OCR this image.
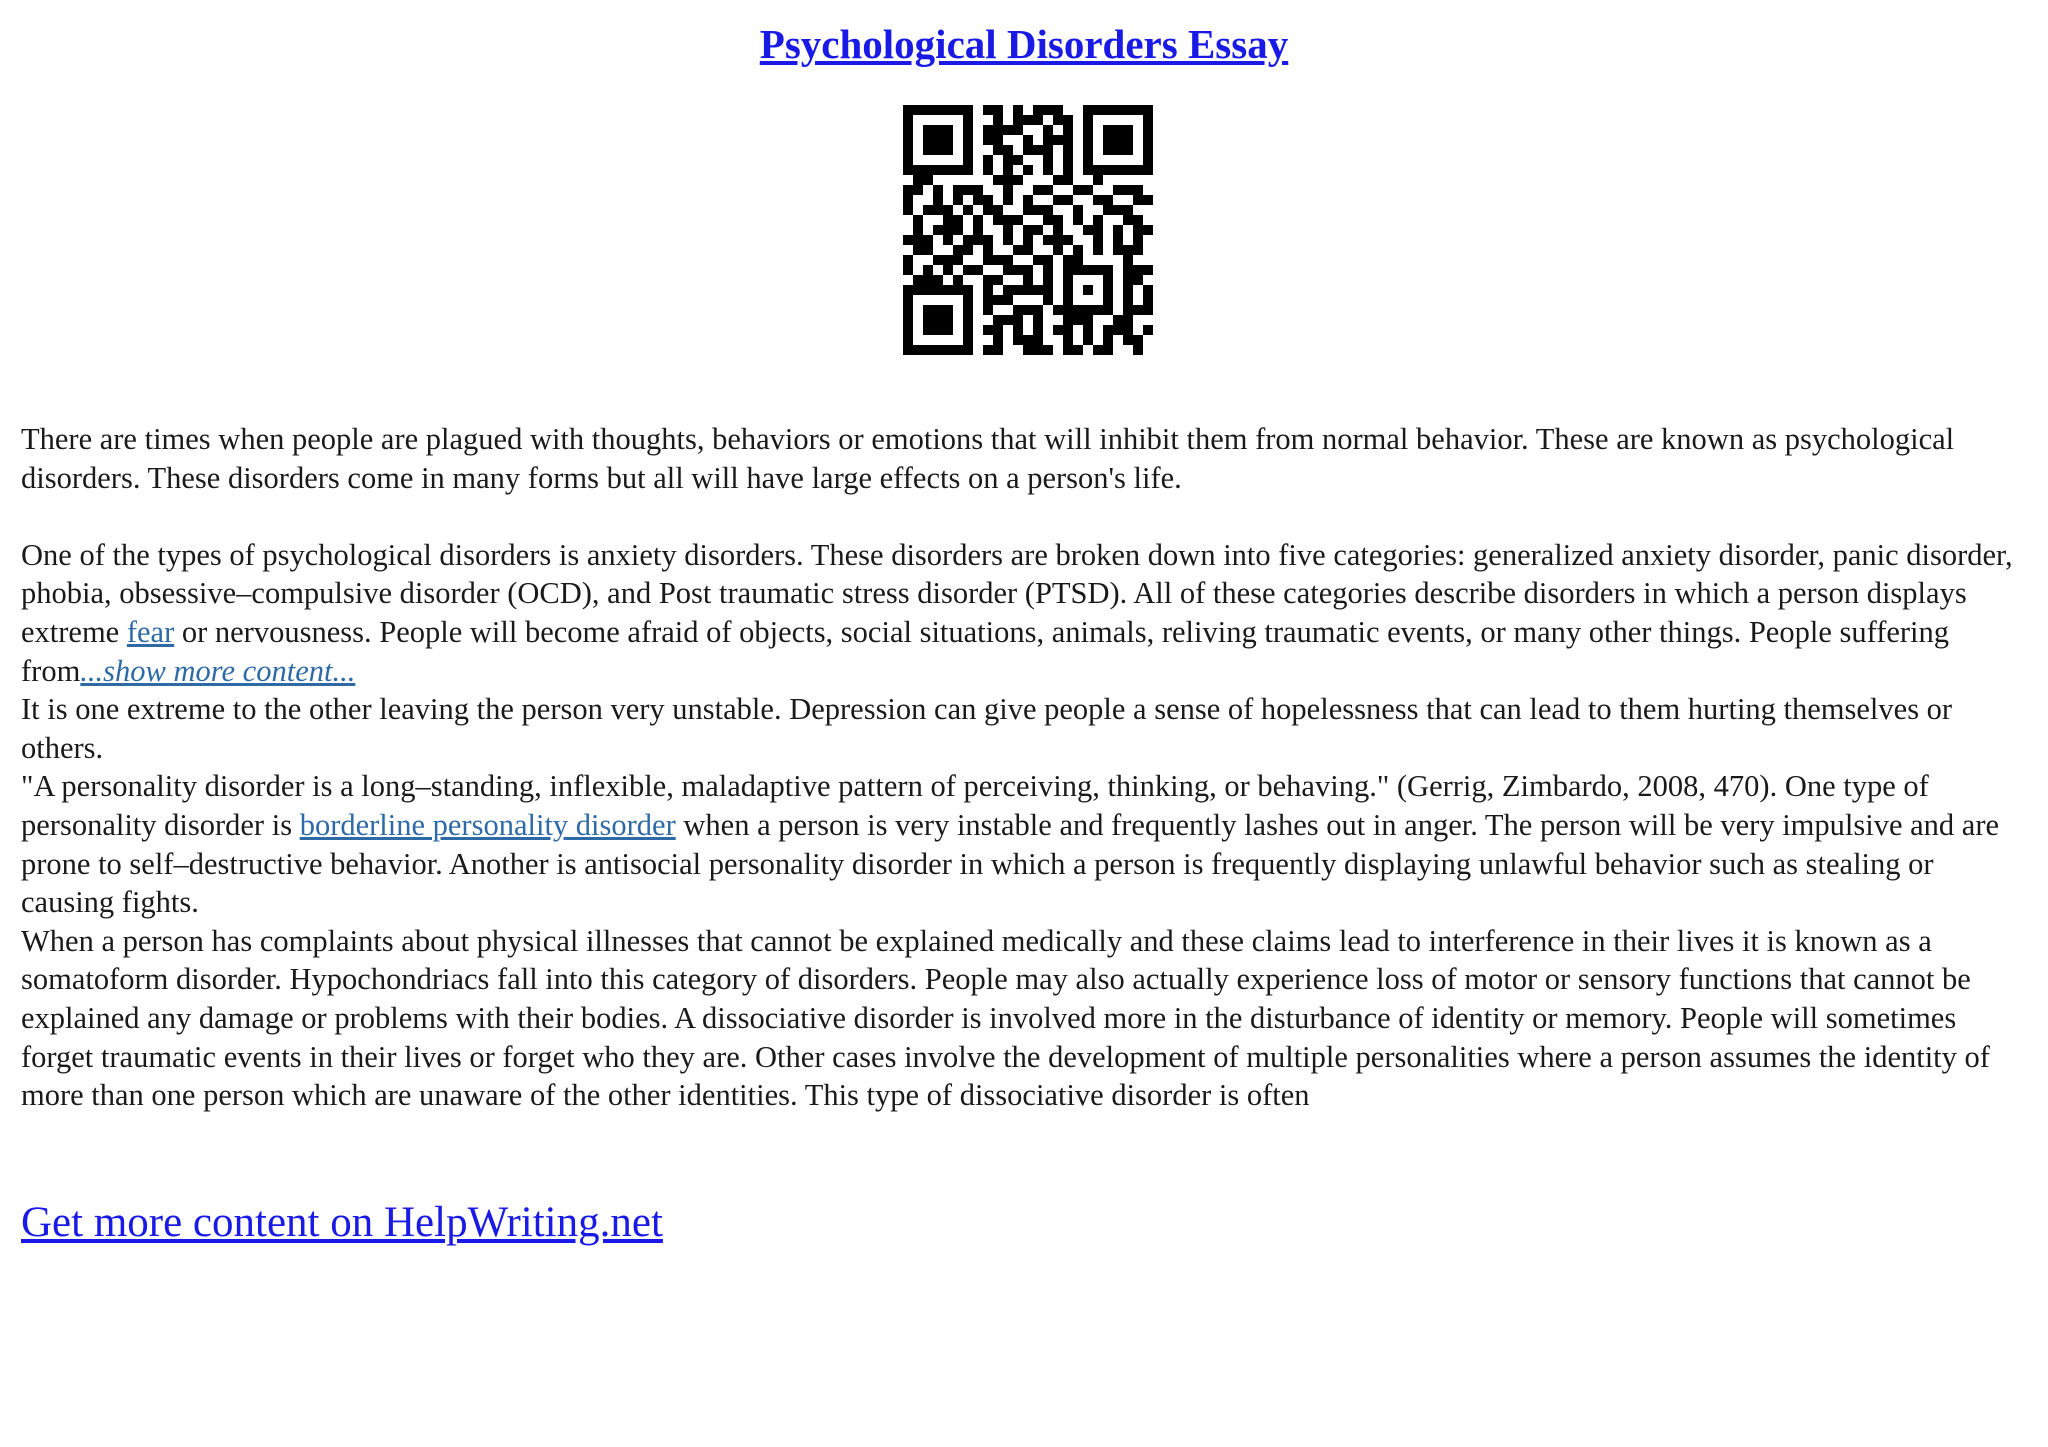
Psychological Disorders Essay

There are times when people are plagued with thoughts, behaviors or emotions that will inhibit them from normal behavior. These are known as psychological disorders. These disorders come in many forms but all will have large effects on a person's life.

One of the types of psychological disorders is anxiety disorders. These disorders are broken down into five categories: generalized anxiety disorder, panic disorder, phobia, obsessive–compulsive disorder (OCD), and Post traumatic stress disorder (PTSD). All of these categories describe disorders in which a person displays extreme fear or nervousness. People will become afraid of objects, social situations, animals, reliving traumatic events, or many other things. People suffering from...show more content...

It is one extreme to the other leaving the person very unstable. Depression can give people a sense of hopelessness that can lead to them hurting themselves or others.

"A personality disorder is a long–standing, inflexible, maladaptive pattern of perceiving, thinking, or behaving." (Gerrig, Zimbardo, 2008, 470). One type of personality disorder is borderline personality disorder when a person is very instable and frequently lashes out in anger. The person will be very impulsive and are prone to self–destructive behavior. Another is antisocial personality disorder in which a person is frequently displaying unlawful behavior such as stealing or causing fights.

When a person has complaints about physical illnesses that cannot be explained medically and these claims lead to interference in their lives it is known as a somatoform disorder. Hypochondriacs fall into this category of disorders. People may also actually experience loss of motor or sensory functions that cannot be explained any damage or problems with their bodies. A dissociative disorder is involved more in the disturbance of identity or memory. People will sometimes forget traumatic events in their lives or forget who they are. Other cases involve the development of multiple personalities where a person assumes the identity of more than one person which are unaware of the other identities. This type of dissociative disorder is often

Get more content on HelpWriting.net
